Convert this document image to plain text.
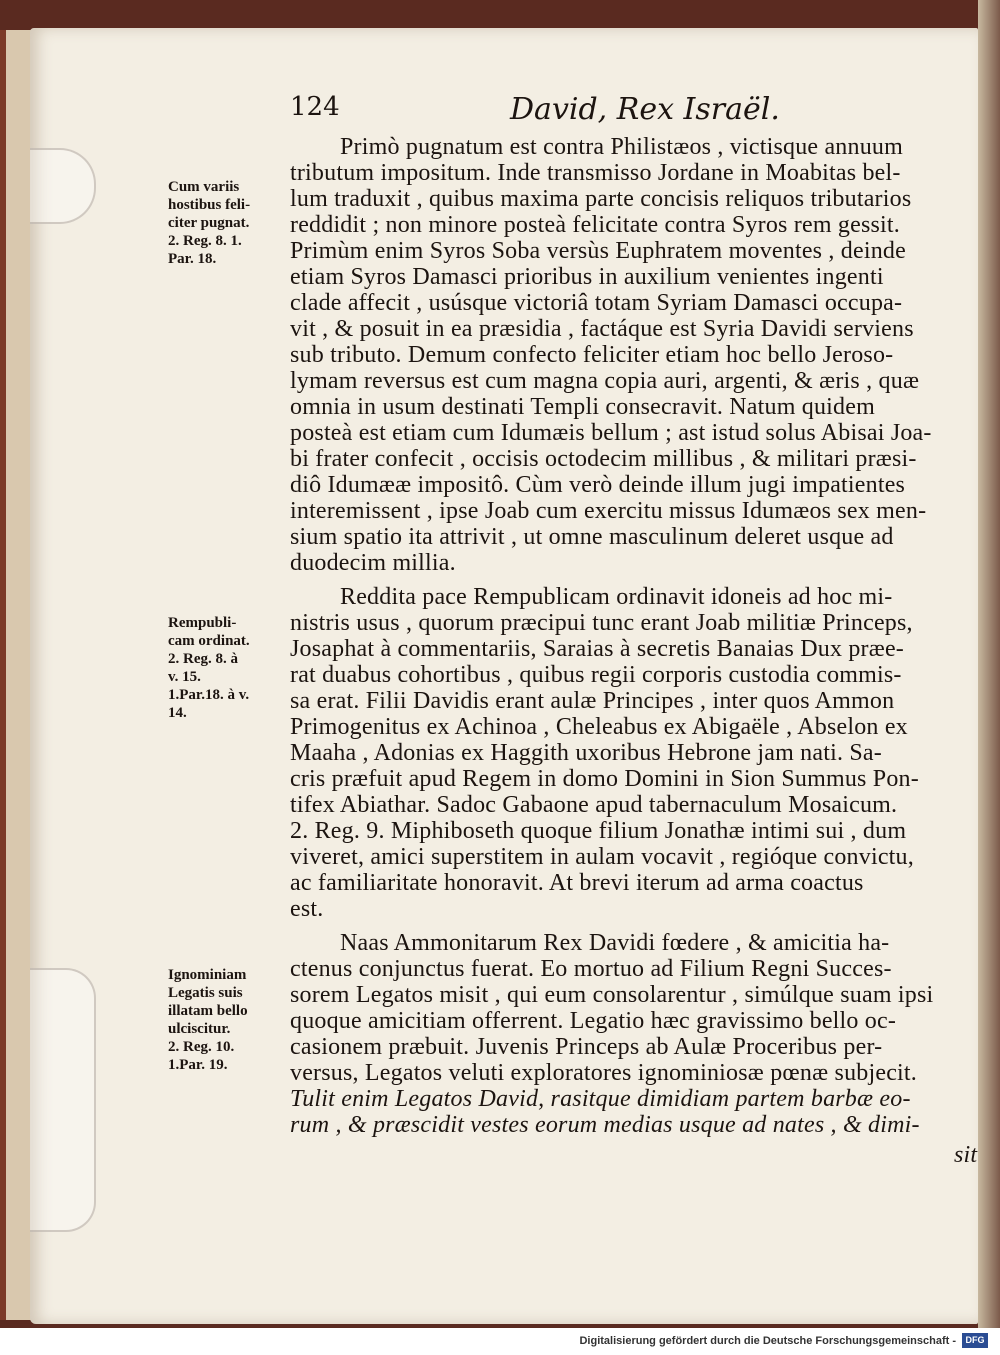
124	David, Rex Israël.
Cum variis
hostibus feli-
citer pugnat.
2. Reg. 8. 1.
Par. 18.
Rempubli-
cam ordinat.
2. Reg. 8. à
v. 15.
1.Par.18. à v.
14.
Ignominiam
Legatis suis
illatam bello
ulciscitur.
2. Reg. 10.
1.Par. 19.
Primò pugnatum est contra Philistæos , victisque annuum
tributum impositum. Inde transmisso Jordane in Moabitas bel-
lum traduxit , quibus maxima parte concisis reliquos tributarios
reddidit ; non minore posteà felicitate contra Syros rem gessit.
Primùm enim Syros Soba versùs Euphratem moventes , deinde
etiam Syros Damasci prioribus in auxilium venientes ingenti
clade affecit , usúsque victoriâ totam Syriam Damasci occupa-
vit , & posuit in ea præsidia , factáque est Syria Davidi serviens
sub tributo. Demum confecto feliciter etiam hoc bello Jeroso-
lymam reversus est cum magna copia auri, argenti, & æris , quæ
omnia in usum destinati Templi consecravit. Natum quidem
posteà est etiam cum Idumæis bellum ; ast istud solus Abisai Joa-
bi frater confecit , occisis octodecim millibus , & militari præsi-
diô Idumææ impositô. Cùm verò deinde illum jugi impatientes
interemissent , ipse Joab cum exercitu missus Idumæos sex men-
sium spatio ita attrivit , ut omne masculinum deleret usque ad
duodecim millia.
Reddita pace Rempublicam ordinavit idoneis ad hoc mi-
nistris usus , quorum præcipui tunc erant Joab militiæ Princeps,
Josaphat à commentariis, Saraias à secretis Banaias Dux præe-
rat duabus cohortibus , quibus regii corporis custodia commis-
sa erat. Filii Davidis erant aulæ Principes , inter quos Ammon
Primogenitus ex Achinoa , Cheleabus ex Abigaële , Abselon ex
Maaha , Adonias ex Haggith uxoribus Hebrone jam nati. Sa-
cris præfuit apud Regem in domo Domini in Sion Summus Pon-
tifex Abiathar. Sadoc Gabaone apud tabernaculum Mosaicum.
2. Reg. 9. Miphiboseth quoque filium Jonathæ intimi sui , dum
viveret, amici superstitem in aulam vocavit , regióque convictu,
ac familiaritate honoravit. At brevi iterum ad arma coactus
est.
Naas Ammonitarum Rex Davidi fœdere , & amicitia ha-
ctenus conjunctus fuerat. Eo mortuo ad Filium Regni Succes-
sorem Legatos misit , qui eum consolarentur , simúlque suam ipsi
quoque amicitiam offerrent. Legatio hæc gravissimo bello oc-
casionem præbuit. Juvenis Princeps ab Aulæ Proceribus per-
versus, Legatos veluti exploratores ignominiosæ pœnæ subjecit.
Tulit enim Legatos David, rasitque dimidiam partem barbæ eo-
rum , & præscidit vestes eorum medias usque ad nates , & dimi-
sit
Digitalisierung gefördert durch die Deutsche Forschungsgemeinschaft -	DFG
